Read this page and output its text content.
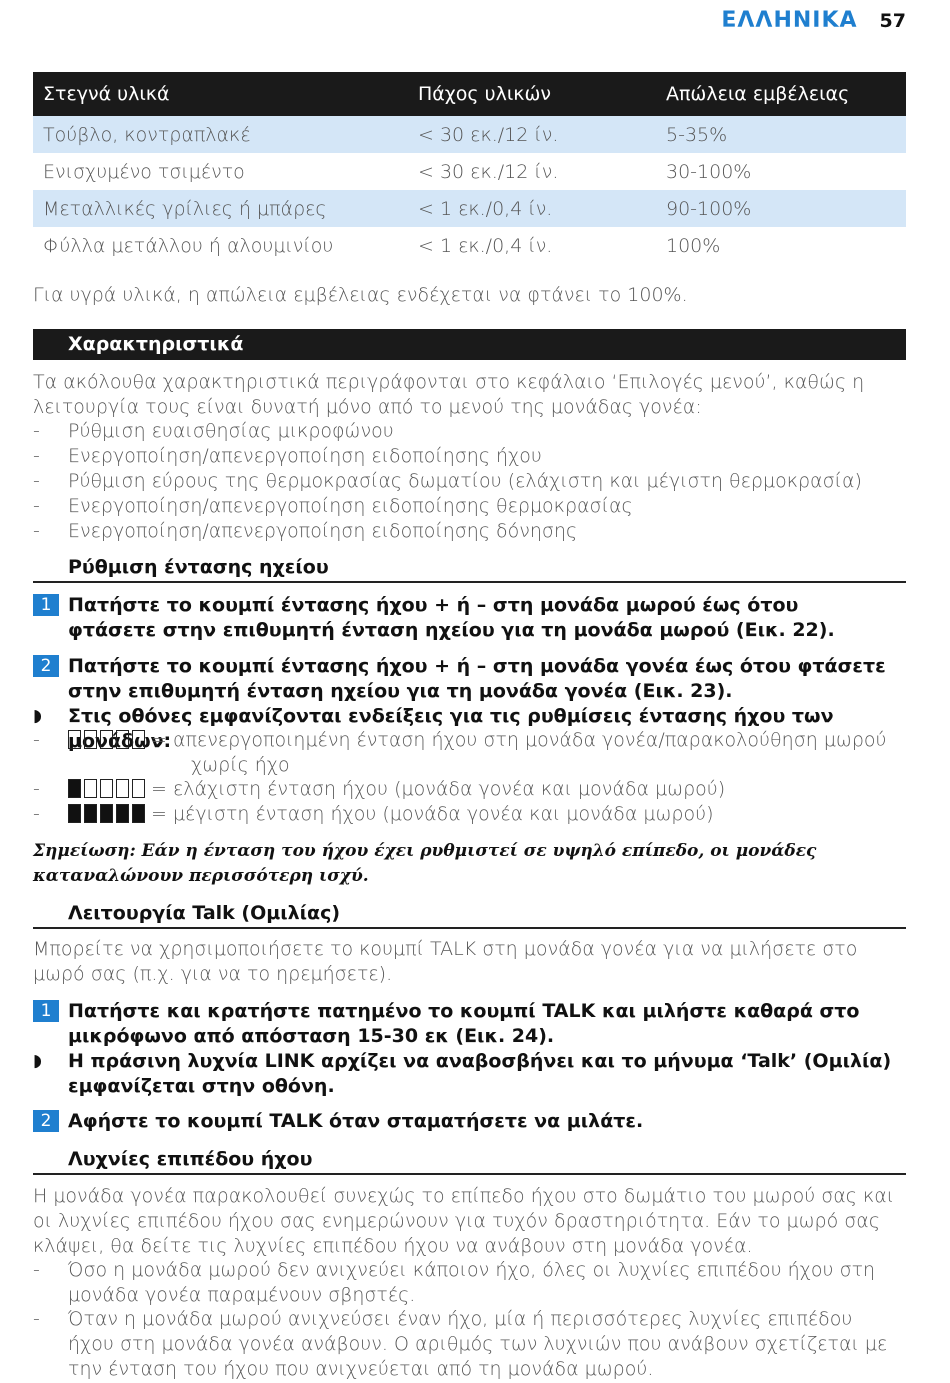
ΕΛΛΗΝΙΚΑ 57
Στεγνά υλικά	Πάχος υλικών	Απώλεια εμβέλειας
Τούβλο, κοντραπλακέ	< 30 εκ./12 ίν.	5-35%
Ενισχυμένο τσιμέντο	< 30 εκ./12 ίν.	30-100%
Μεταλλικές γρίλιες ή μπάρες	< 1 εκ./0,4 ίν.	90-100%
Φύλλα μετάλλου ή αλουμινίου	< 1 εκ./0,4 ίν.	100%
Για υγρά υλικά, η απώλεια εμβέλειας ενδέχεται να φτάνει το 100%.
Χαρακτηριστικά
Τα ακόλουθα χαρακτηριστικά περιγράφονται στο κεφάλαιο ‘Επιλογές μενού’, καθώς η λειτουργία τους είναι δυνατή μόνο από το μενού της μονάδας γονέα:
- Ρύθμιση ευαισθησίας μικροφώνου
- Ενεργοποίηση/απενεργοποίηση ειδοποίησης ήχου
- Ρύθμιση εύρους της θερμοκρασίας δωματίου (ελάχιστη και μέγιστη θερμοκρασία)
- Ενεργοποίηση/απενεργοποίηση ειδοποίησης θερμοκρασίας
- Ενεργοποίηση/απενεργοποίηση ειδοποίησης δόνησης
Ρύθμιση έντασης ηχείου
1 Πατήστε το κουμπί έντασης ήχου + ή – στη μονάδα μωρού έως ότου φτάσετε στην επιθυμητή ένταση ηχείου για τη μονάδα μωρού (Εικ. 22).
2 Πατήστε το κουμπί έντασης ήχου + ή – στη μονάδα γονέα έως ότου φτάσετε στην επιθυμητή ένταση ηχείου για τη μονάδα γονέα (Εικ. 23).
◗ Στις οθόνες εμφανίζονται ενδείξεις για τις ρυθμίσεις έντασης ήχου των μονάδων:
-	= απενεργοποιημένη ένταση ήχου στη μονάδα γονέα/παρακολούθηση μωρού
χωρίς ήχο
-	= ελάχιστη ένταση ήχου (μονάδα γονέα και μονάδα μωρού)
-	= μέγιστη ένταση ήχου (μονάδα γονέα και μονάδα μωρού)
Σημείωση: Εάν η ένταση του ήχου έχει ρυθμιστεί σε υψηλό επίπεδο, οι μονάδες καταναλώνουν περισσότερη ισχύ.
Λειτουργία Talk (Ομιλίας)
Μπορείτε να χρησιμοποιήσετε το κουμπί TALK στη μονάδα γονέα για να μιλήσετε στο μωρό σας (π.χ. για να το ηρεμήσετε).
1 Πατήστε και κρατήστε πατημένο το κουμπί TALK και μιλήστε καθαρά στο μικρόφωνο από απόσταση 15-30 εκ (Εικ. 24).
◗ Η πράσινη λυχνία LINK αρχίζει να αναβοσβήνει και το μήνυμα ‘Talk’ (Ομιλία) εμφανίζεται στην οθόνη.
2 Αφήστε το κουμπί TALK όταν σταματήσετε να μιλάτε.
Λυχνίες επιπέδου ήχου
Η μονάδα γονέα παρακολουθεί συνεχώς το επίπεδο ήχου στο δωμάτιο του μωρού σας και οι λυχνίες επιπέδου ήχου σας ενημερώνουν για τυχόν δραστηριότητα. Εάν το μωρό σας κλάψει, θα δείτε τις λυχνίες επιπέδου ήχου να ανάβουν στη μονάδα γονέα.
- Όσο η μονάδα μωρού δεν ανιχνεύει κάποιον ήχο, όλες οι λυχνίες επιπέδου ήχου στη μονάδα γονέα παραμένουν σβηστές.
- Όταν η μονάδα μωρού ανιχνεύσει έναν ήχο, μία ή περισσότερες λυχνίες επιπέδου ήχου στη μονάδα γονέα ανάβουν. Ο αριθμός των λυχνιών που ανάβουν σχετίζεται με την ένταση του ήχου που ανιχνεύεται από τη μονάδα μωρού.
